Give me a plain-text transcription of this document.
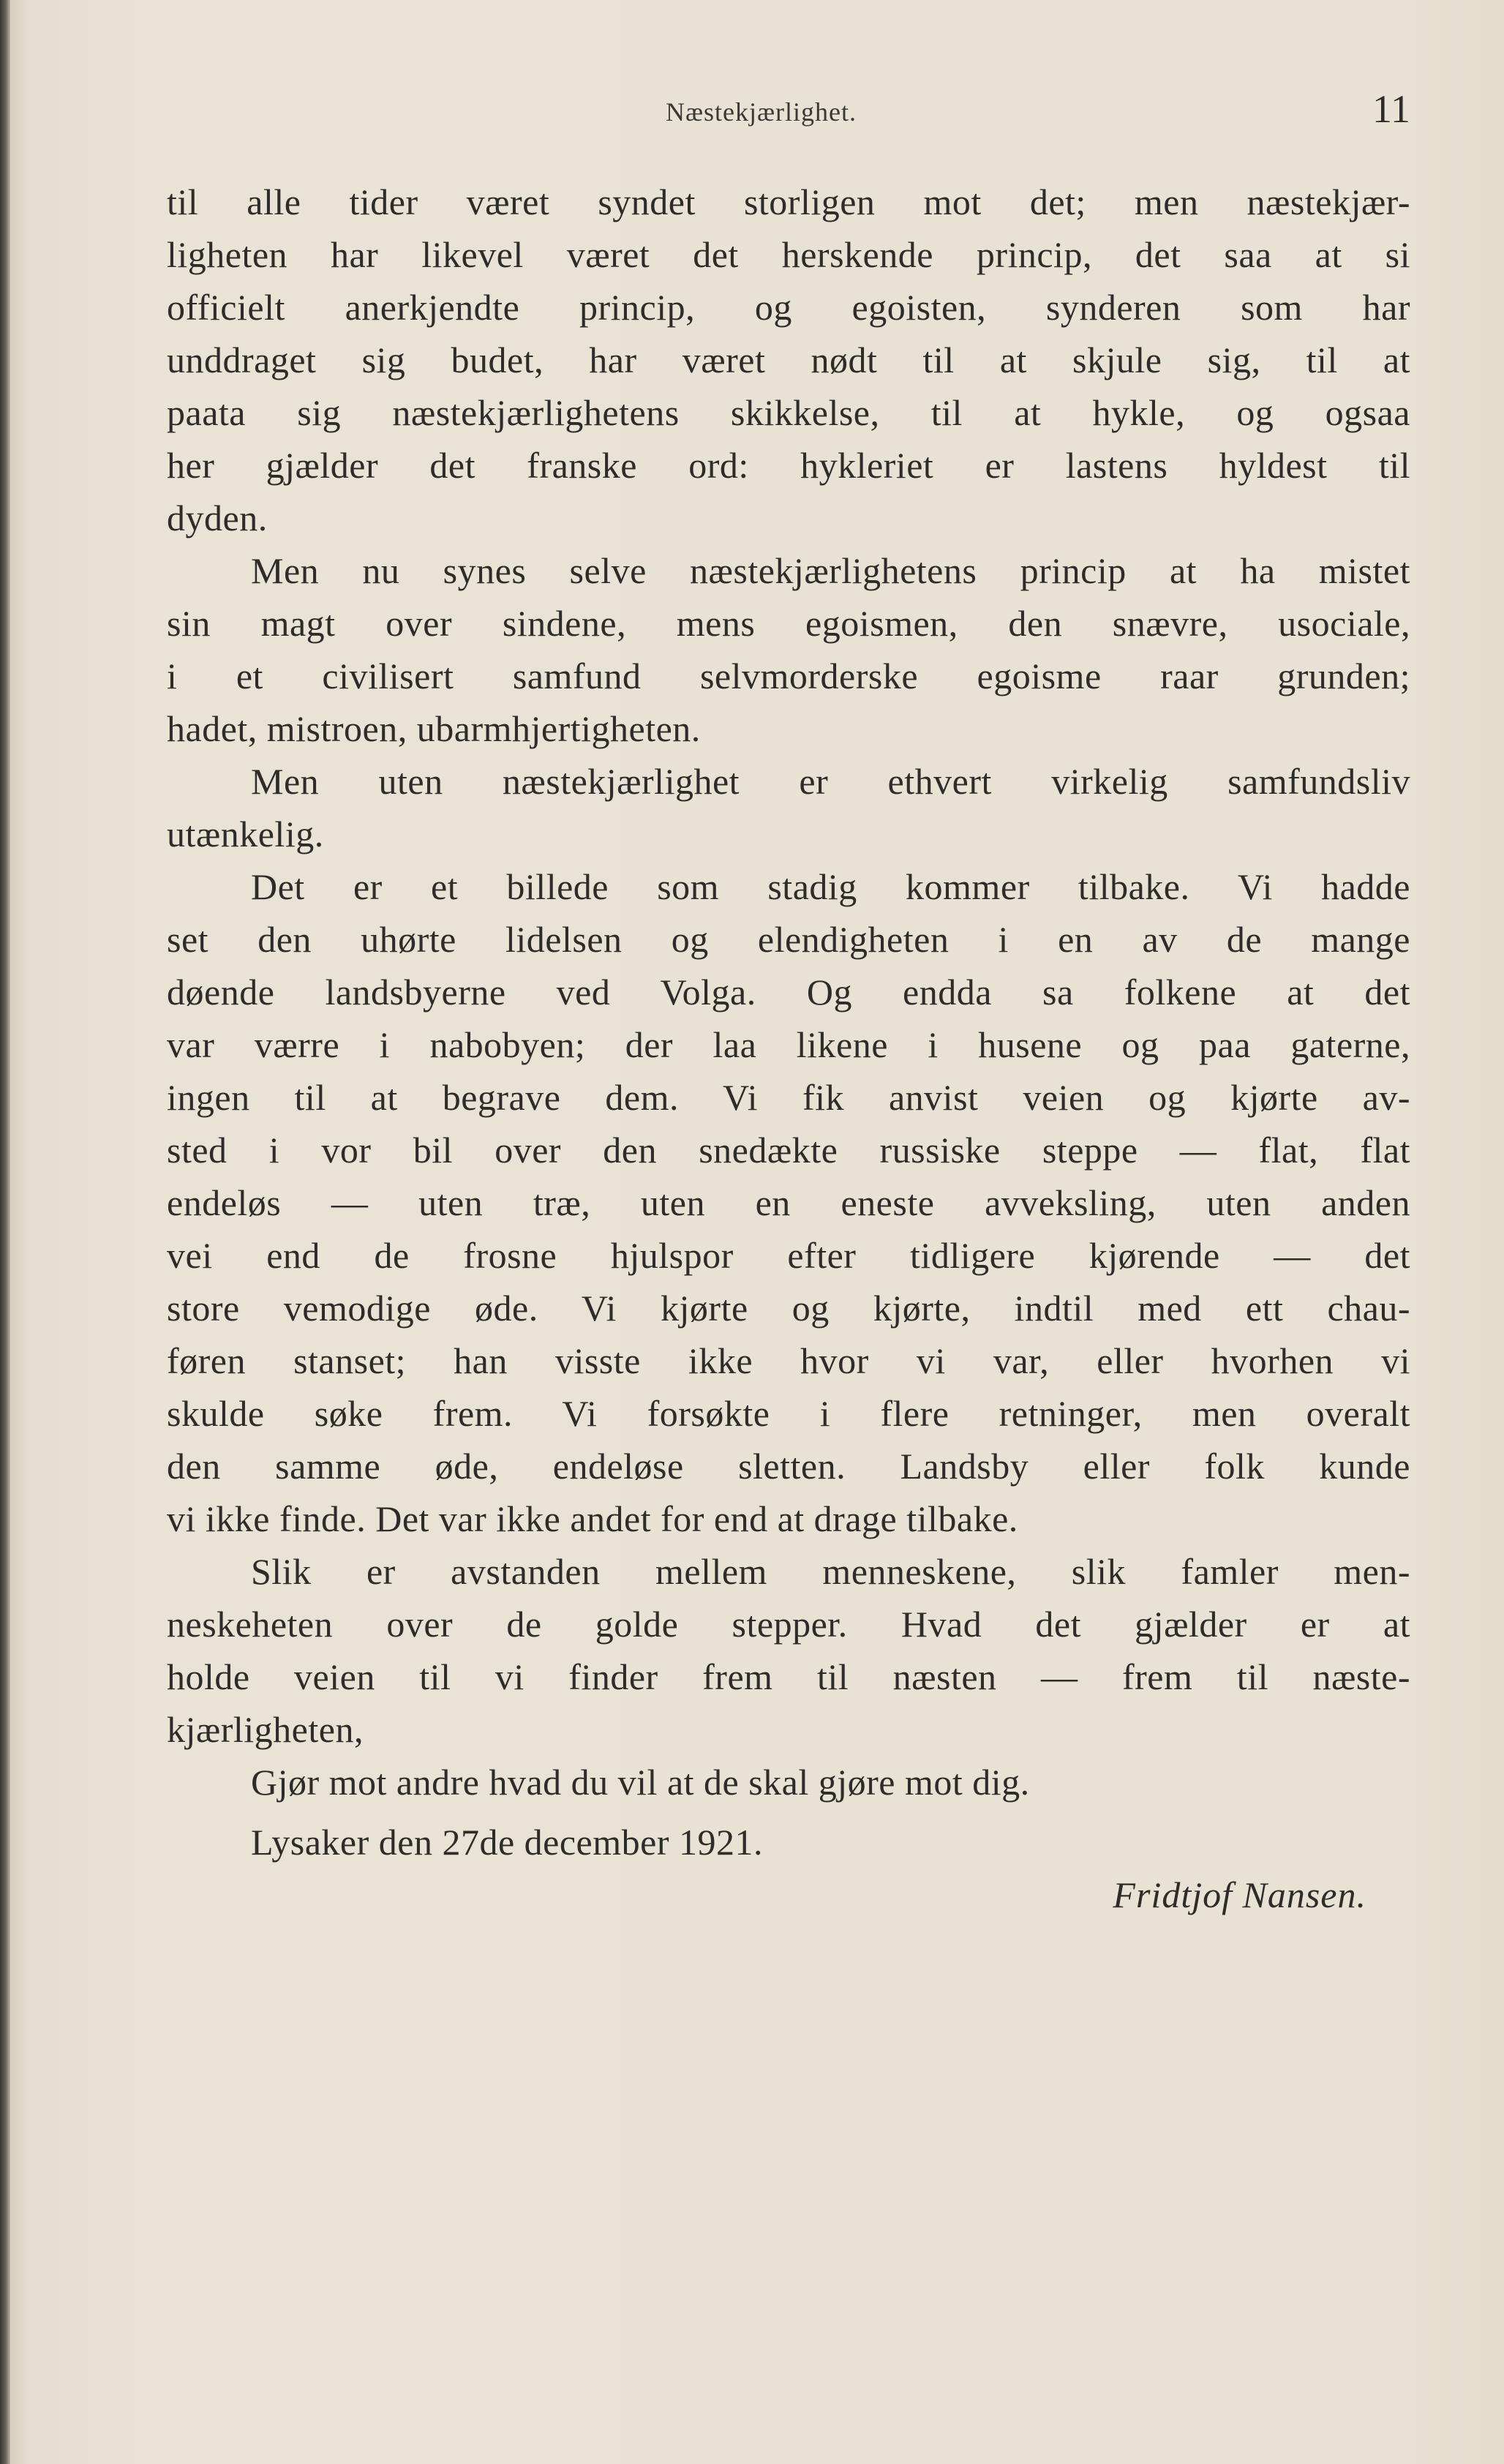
Næstekjærlighet.	11
til alle tider været syndet storligen mot det; men næstekjær-
ligheten har likevel været det herskende princip, det saa at si
officielt anerkjendte princip, og egoisten, synderen som har
unddraget sig budet, har været nødt til at skjule sig, til at
paata sig næstekjærlighetens skikkelse, til at hykle, og ogsaa
her gjælder det franske ord: hykleriet er lastens hyldest til
dyden.
Men nu synes selve næstekjærlighetens princip at ha mistet
sin magt over sindene, mens egoismen, den snævre, usociale,
i et civilisert samfund selvmorderske egoisme raar grunden;
hadet, mistroen, ubarmhjertigheten.
Men uten næstekjærlighet er ethvert virkelig samfundsliv
utænkelig.
Det er et billede som stadig kommer tilbake. Vi hadde
set den uhørte lidelsen og elendigheten i en av de mange
døende landsbyerne ved Volga. Og endda sa folkene at det
var værre i nabobyen; der laa likene i husene og paa gaterne,
ingen til at begrave dem. Vi fik anvist veien og kjørte av-
sted i vor bil over den snedækte russiske steppe — flat, flat
endeløs — uten træ, uten en eneste avveksling, uten anden
vei end de frosne hjulspor efter tidligere kjørende — det
store vemodige øde. Vi kjørte og kjørte, indtil med ett chau-
føren stanset; han visste ikke hvor vi var, eller hvorhen vi
skulde søke frem. Vi forsøkte i flere retninger, men overalt
den samme øde, endeløse sletten. Landsby eller folk kunde
vi ikke finde. Det var ikke andet for end at drage tilbake.
Slik er avstanden mellem menneskene, slik famler men-
neskeheten over de golde stepper. Hvad det gjælder er at
holde veien til vi finder frem til næsten — frem til næste-
kjærligheten,
Gjør mot andre hvad du vil at de skal gjøre mot dig.
Lysaker den 27de december 1921.
Fridtjof Nansen.
